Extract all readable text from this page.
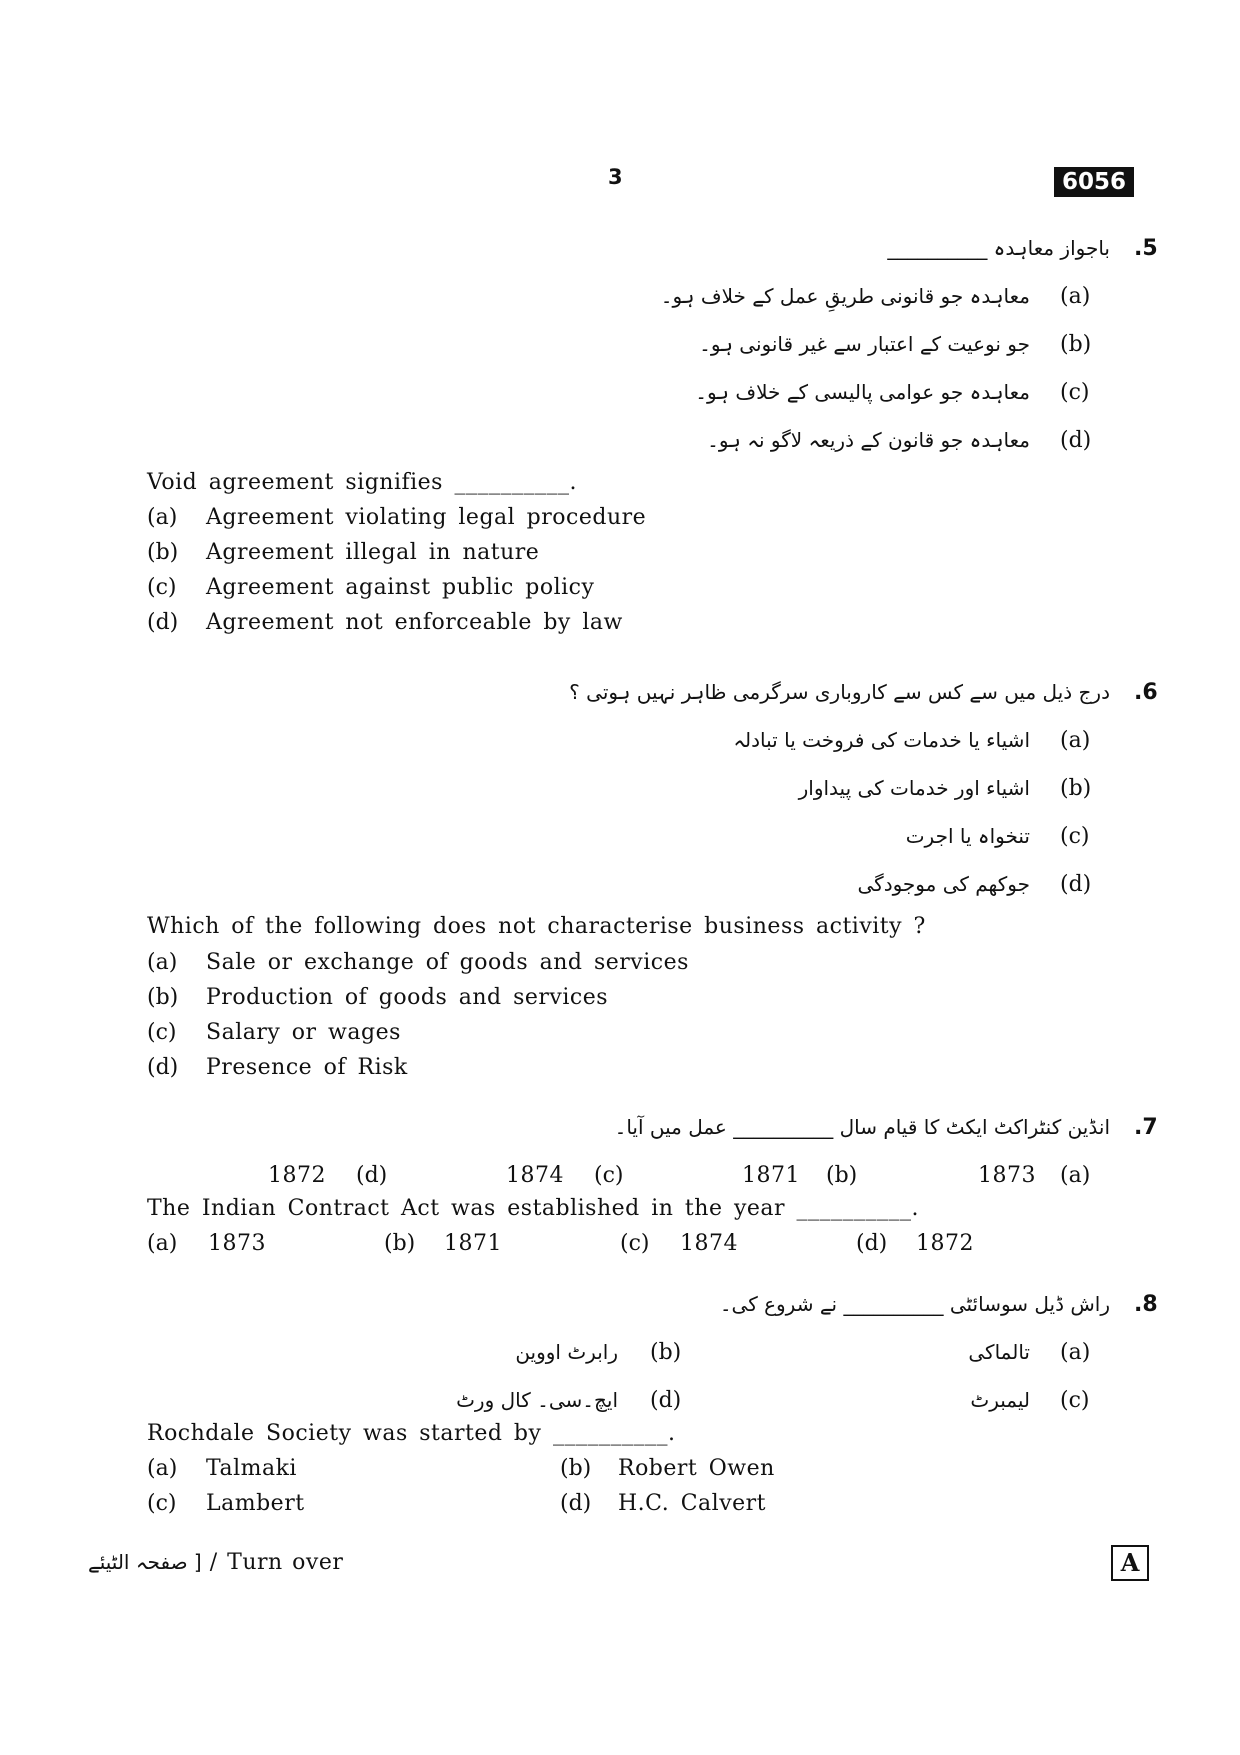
3	6056
.5
باجواز معاہدہ __________
(a)
معاہدہ جو قانونی طریقِ عمل کے خلاف ہو۔
(b)
جو نوعیت کے اعتبار سے غیر قانونی ہو۔
(c)
معاہدہ جو عوامی پالیسی کے خلاف ہو۔
(d)
معاہدہ جو قانون کے ذریعہ لاگو نہ ہو۔
Void agreement signifies __________.
(a) Agreement violating legal procedure
(b) Agreement illegal in nature
(c) Agreement against public policy
(d) Agreement not enforceable by law
.6
درج ذیل میں سے کس سے کاروباری سرگرمی ظاہر نہیں ہوتی ؟
(a)
اشیاء یا خدمات کی فروخت یا تبادلہ
(b)
اشیاء اور خدمات کی پیداوار
(c)
تنخواہ یا اجرت
(d)
جوکھم کی موجودگی
Which of the following does not characterise business activity ?
(a) Sale or exchange of goods and services
(b) Production of goods and services
(c) Salary or wages
(d) Presence of Risk
.7
انڈین کنٹراکٹ ایکٹ کا قیام سال __________ عمل میں آیا۔
(a)
1873
(b)
1871
(c)
1874
(d)
1872
The Indian Contract Act was established in the year __________.
(a) 1873	(b) 1871	(c) 1874	(d) 1872
.8
راش ڈیل سوسائٹی __________ نے شروع کی۔
(a)
تالماکی
(b)
رابرٹ اووین
(c)
لیمبرٹ
(d)
ایچ۔سی۔ کال ورٹ
Rochdale Society was started by __________.
(a) Talmaki	(b) Robert Owen
(c) Lambert	(d) H.C. Calvert
[ صفحہ الٹیئے / Turn over	A
